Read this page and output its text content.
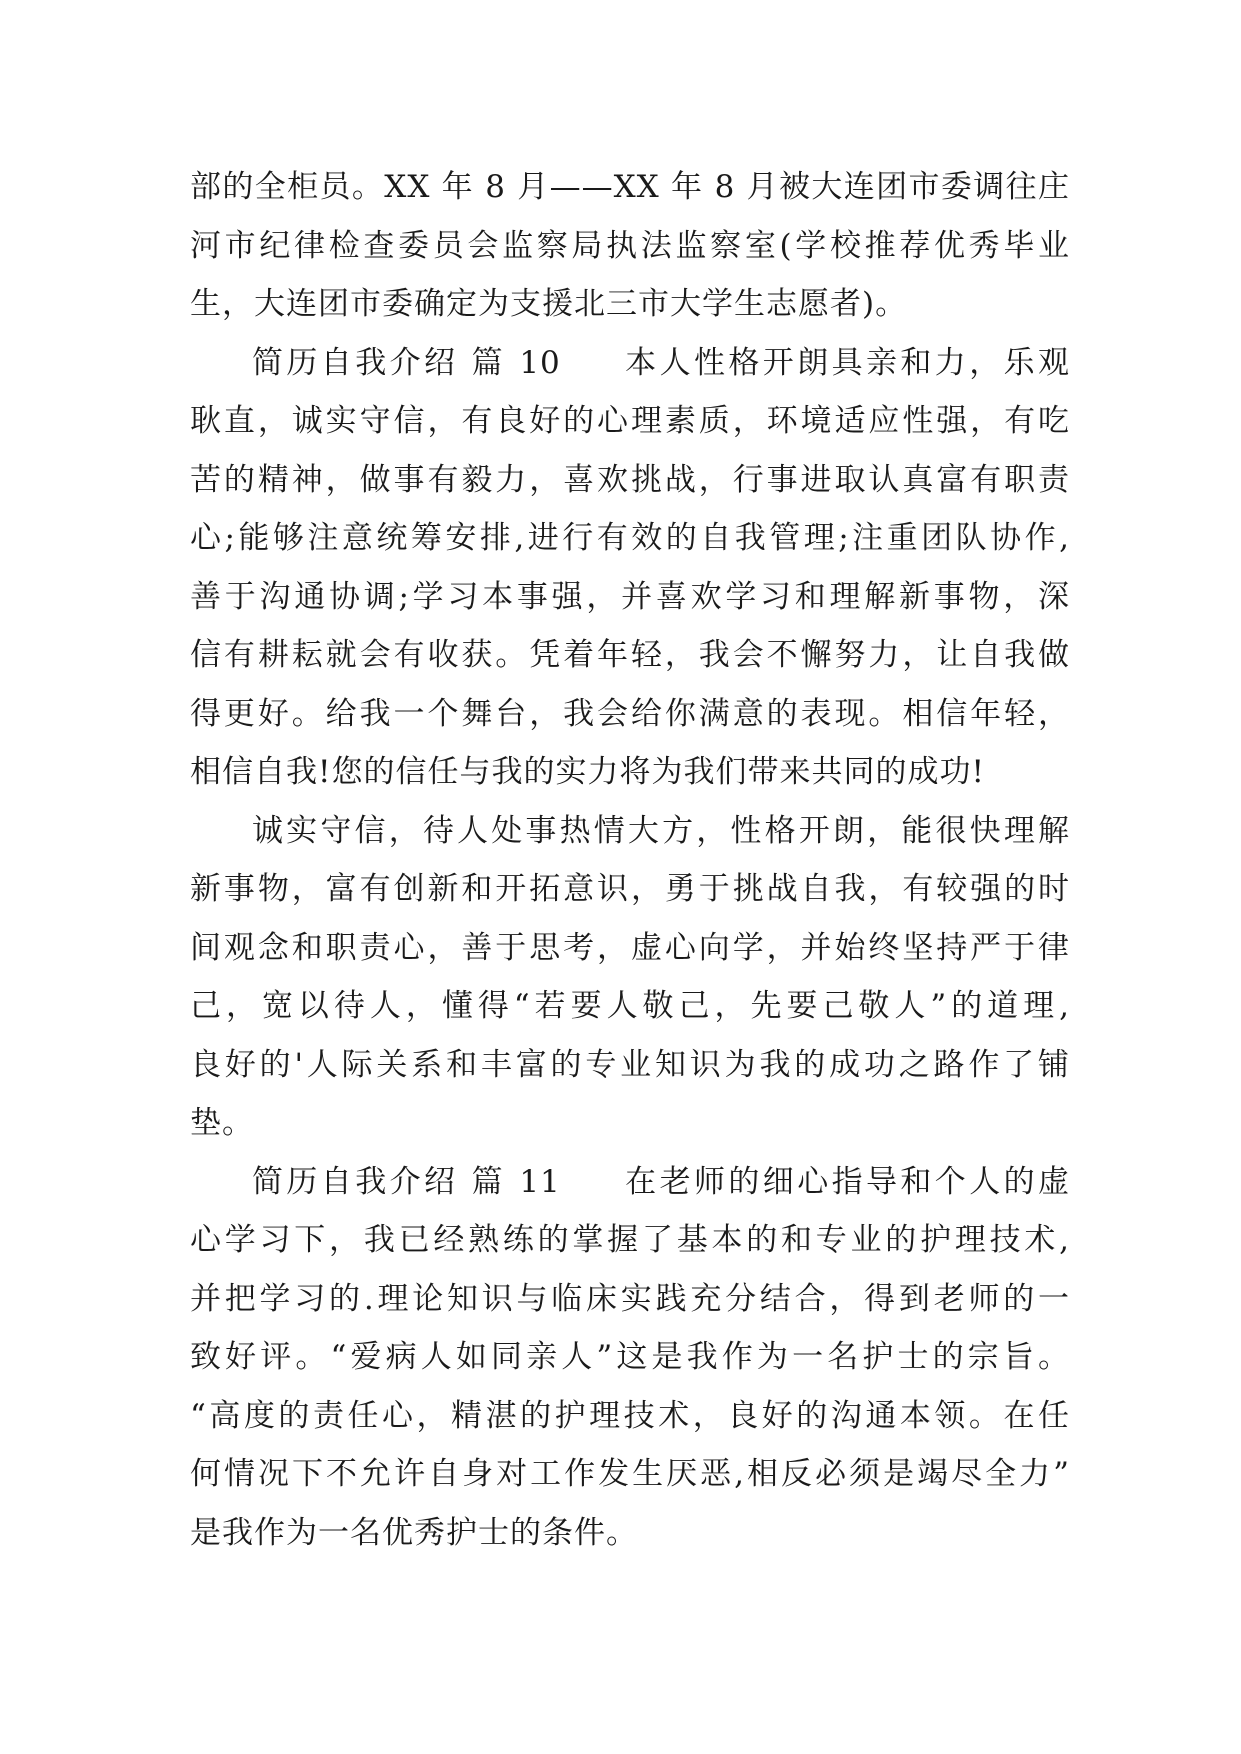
部的全柜员。XX 年 8 月——XX 年 8 月被大连团市委调往庄
河市纪律检查委员会监察局执法监察室(学校推荐优秀毕业
生，大连团市委确定为支援北三市大学生志愿者)。
简历自我介绍 篇 10 本人性格开朗具亲和力，乐观
耿直，诚实守信，有良好的心理素质，环境适应性强，有吃
苦的精神，做事有毅力，喜欢挑战，行事进取认真富有职责
心;能够注意统筹安排,进行有效的自我管理;注重团队协作,
善于沟通协调;学习本事强，并喜欢学习和理解新事物，深
信有耕耘就会有收获。凭着年轻，我会不懈努力，让自我做
得更好。给我一个舞台，我会给你满意的表现。相信年轻，
相信自我!您的信任与我的实力将为我们带来共同的成功!
诚实守信，待人处事热情大方，性格开朗，能很快理解
新事物，富有创新和开拓意识，勇于挑战自我，有较强的时
间观念和职责心，善于思考，虚心向学，并始终坚持严于律
己，宽以待人，懂得“若要人敬己，先要己敬人”的道理,
良好的'人际关系和丰富的专业知识为我的成功之路作了铺
垫。
简历自我介绍 篇 11 在老师的细心指导和个人的虚
心学习下，我已经熟练的掌握了基本的和专业的护理技术,
并把学习的.理论知识与临床实践充分结合，得到老师的一
致好评。“爱病人如同亲人”这是我作为一名护士的宗旨。
“高度的责任心，精湛的护理技术，良好的沟通本领。在任
何情况下不允许自身对工作发生厌恶,相反必须是竭尽全力”
是我作为一名优秀护士的条件。
